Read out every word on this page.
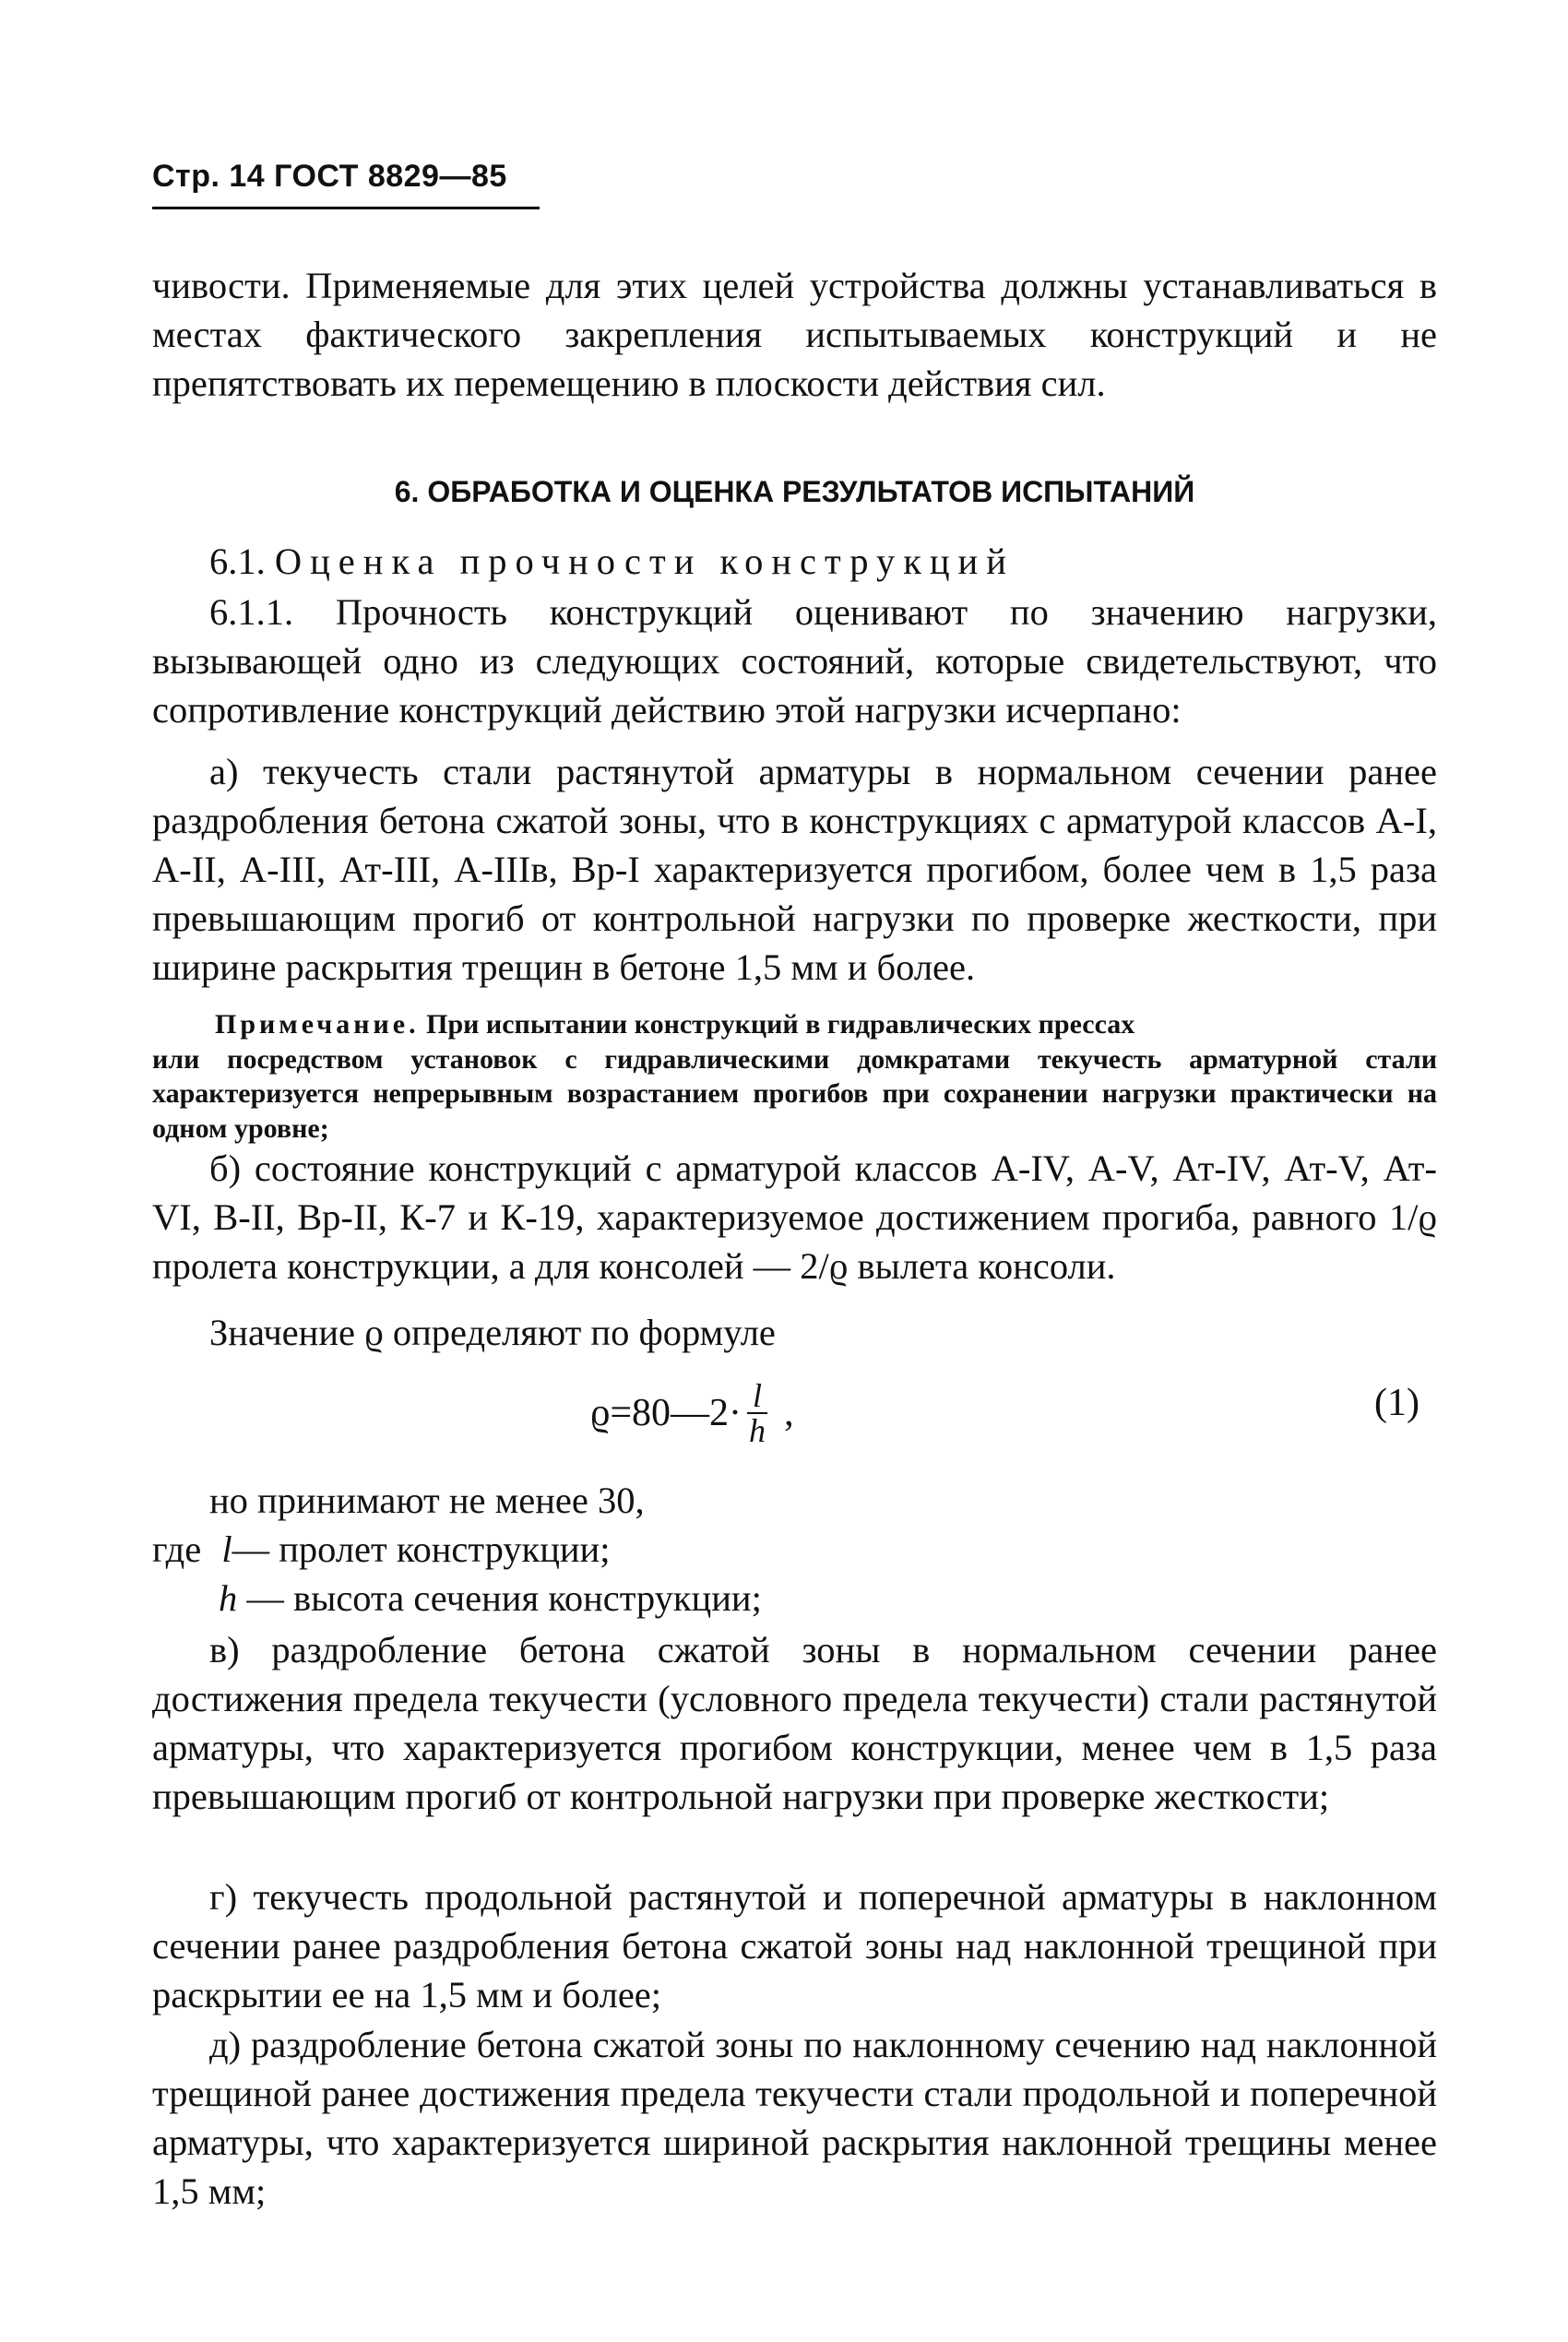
Стр. 14 ГОСТ 8829—85

чивости. Применяемые для этих целей устройства должны устанавливаться в местах фактического закрепления испытываемых конструкций и не препятствовать их перемещению в плоскости действия сил.

6. ОБРАБОТКА И ОЦЕНКА РЕЗУЛЬТАТОВ ИСПЫТАНИЙ
6.1. Оценка прочности конструкций

6.1.1. Прочность конструкций оценивают по значению нагрузки, вызывающей одно из следующих состояний, которые свидетельствуют, что сопротивление конструкций действию этой нагрузки исчерпано:

а) текучесть стали растянутой арматуры в нормальном сечении ранее раздробления бетона сжатой зоны, что в конструкциях с арматурой классов А-I, А-II, А-III, Ат-III, А-IIIв, Вр-I характеризуется прогибом, более чем в 1,5 раза превышающим прогиб от контрольной нагрузки по проверке жесткости, при ширине раскрытия трещин в бетоне 1,5 мм и более.

Примечание. При испытании конструкций в гидравлических прессах

или посредством установок с гидравлическими домкратами текучесть арматурной стали характеризуется непрерывным возрастанием прогибов при сохранении нагрузки практически на одном уровне;

б) состояние конструкций с арматурой классов А-IV, А-V, Ат-IV, Ат-V, Ат-VI, В-II, Вр-II, К-7 и К-19, характеризуемое достижением прогиба, равного 1/ϱ пролета конструкции, а для консолей — 2/ϱ вылета консоли.

Значение ϱ определяют по формуле

ϱ=80—2· $\frac{l}{h}$ ,	(1)
но принимают не менее 30,
где l— пролет конструкции;
h — высота сечения конструкции;

в) раздробление бетона сжатой зоны в нормальном сечении ранее достижения предела текучести (условного предела текучести) стали растянутой арматуры, что характеризуется прогибом конструкции, менее чем в 1,5 раза превышающим прогиб от контрольной нагрузки при проверке жесткости;

г) текучесть продольной растянутой и поперечной арматуры в наклонном сечении ранее раздробления бетона сжатой зоны над наклонной трещиной при раскрытии ее на 1,5 мм и более;

д) раздробление бетона сжатой зоны по наклонному сечению над наклонной трещиной ранее достижения предела текучести стали продольной и поперечной арматуры, что характеризуется шириной раскрытия наклонной трещины менее 1,5 мм;
